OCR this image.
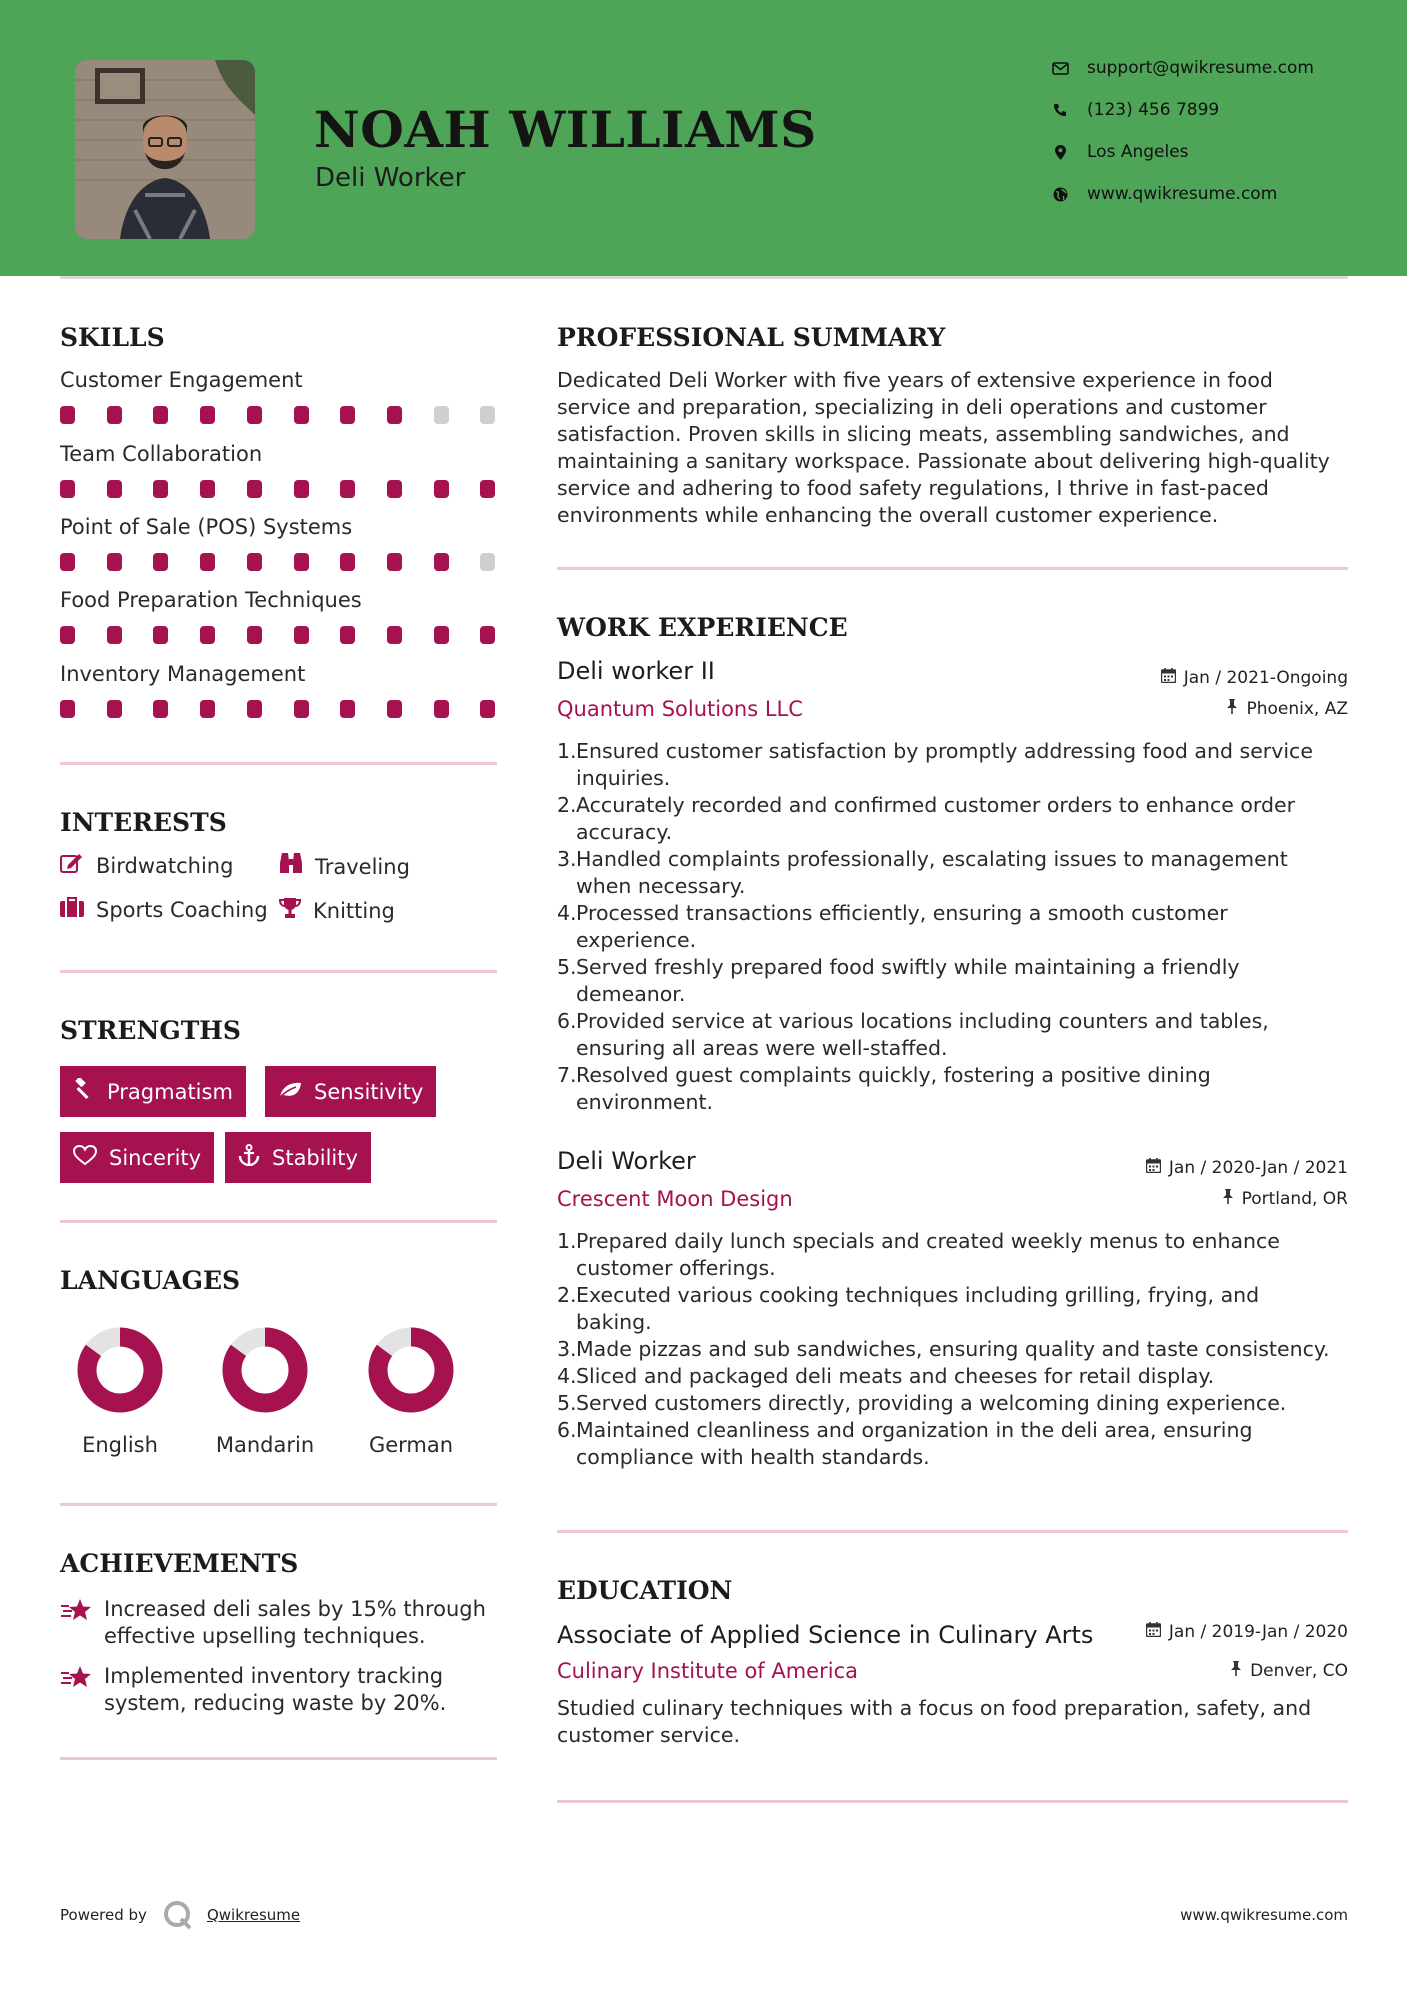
NOAH WILLIAMS
Deli Worker
support@qwikresume.com
(123) 456 7899
Los Angeles
www.qwikresume.com
SKILLS
Customer Engagement
Team Collaboration
Point of Sale (POS) Systems
Food Preparation Techniques
Inventory Management
INTERESTS
Birdwatching	Traveling
Sports Coaching Knitting
STRENGTHS
Pragmatism	Sensitivity
Sincerity	Stability
LANGUAGES
English	Mandarin	German
ACHIEVEMENTS
Increased deli sales by 15% through
effective upselling techniques.
Implemented inventory tracking
system, reducing waste by 20%.
PROFESSIONAL SUMMARY
Dedicated Deli Worker with five years of extensive experience in food
service and preparation, specializing in deli operations and customer
satisfaction. Proven skills in slicing meats, assembling sandwiches, and
maintaining a sanitary workspace. Passionate about delivering high-quality
service and adhering to food safety regulations, I thrive in fast-paced
environments while enhancing the overall customer experience.
WORK EXPERIENCE
Deli worker II	Jan / 2021-Ongoing
Quantum Solutions LLC	Phoenix, AZ
1. Ensured customer satisfaction by promptly addressing food and service
inquiries.
2. Accurately recorded and confirmed customer orders to enhance order
accuracy.
3. Handled complaints professionally, escalating issues to management
when necessary.
4. Processed transactions efficiently, ensuring a smooth customer
experience.
5. Served freshly prepared food swiftly while maintaining a friendly
demeanor.
6. Provided service at various locations including counters and tables,
ensuring all areas were well-staffed.
7. Resolved guest complaints quickly, fostering a positive dining
environment.
Deli Worker	Jan / 2020-Jan / 2021
Crescent Moon Design	Portland, OR
1. Prepared daily lunch specials and created weekly menus to enhance
customer offerings.
2. Executed various cooking techniques including grilling, frying, and
baking.
3. Made pizzas and sub sandwiches, ensuring quality and taste consistency.
4. Sliced and packaged deli meats and cheeses for retail display.
5. Served customers directly, providing a welcoming dining experience.
6. Maintained cleanliness and organization in the deli area, ensuring
compliance with health standards.
EDUCATION
Associate of Applied Science in Culinary Arts	Jan / 2019-Jan / 2020
Culinary Institute of America	Denver, CO
Studied culinary techniques with a focus on food preparation, safety, and
customer service.
Powered by	Qwikresume	www.qwikresume.com
